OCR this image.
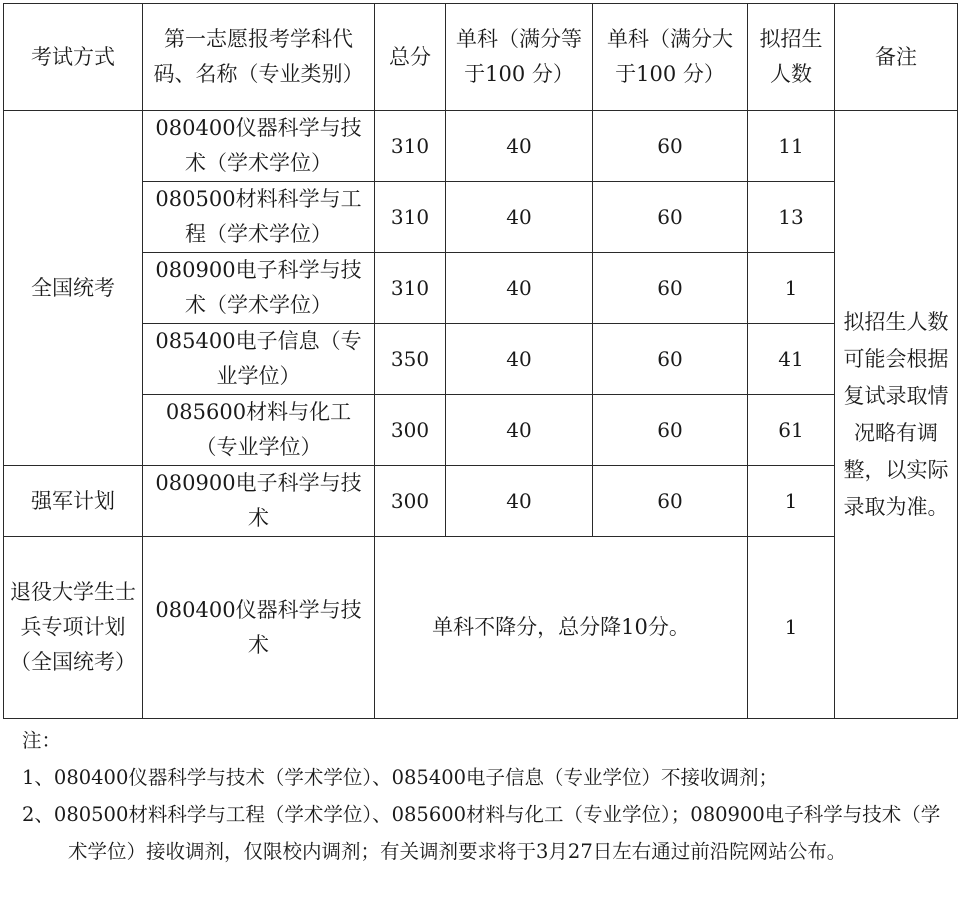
考试方式	第一志愿报考学科代码、名称（专业类别）	总分	单科（满分等于100 分）	单科（满分大于100 分）	拟招生人数	备注
全国统考	080400仪器科学与技术（学术学位）	310	40	60	11	拟招生人数可能会根据复试录取情况略有调整，以实际录取为准。
	080500材料科学与工程（学术学位）	310	40	60	13	
	080900电子科学与技术（学术学位）	310	40	60	1	
	085400电子信息（专业学位）	350	40	60	41	
	085600材料与化工（专业学位）	300	40	60	61	
强军计划	080900电子科学与技术	300	40	60	1	
退役大学生士兵专项计划（全国统考）	080400仪器科学与技术	单科不降分，总分降10分。			1	

注：

1、080400仪器科学与技术（学术学位）、085400电子信息（专业学位）不接收调剂；

2、080500材料科学与工程（学术学位）、085600材料与化工（专业学位）；080900电子科学与技术（学术学位）接收调剂，仅限校内调剂；有关调剂要求将于3月27日左右通过前沿院网站公布。
